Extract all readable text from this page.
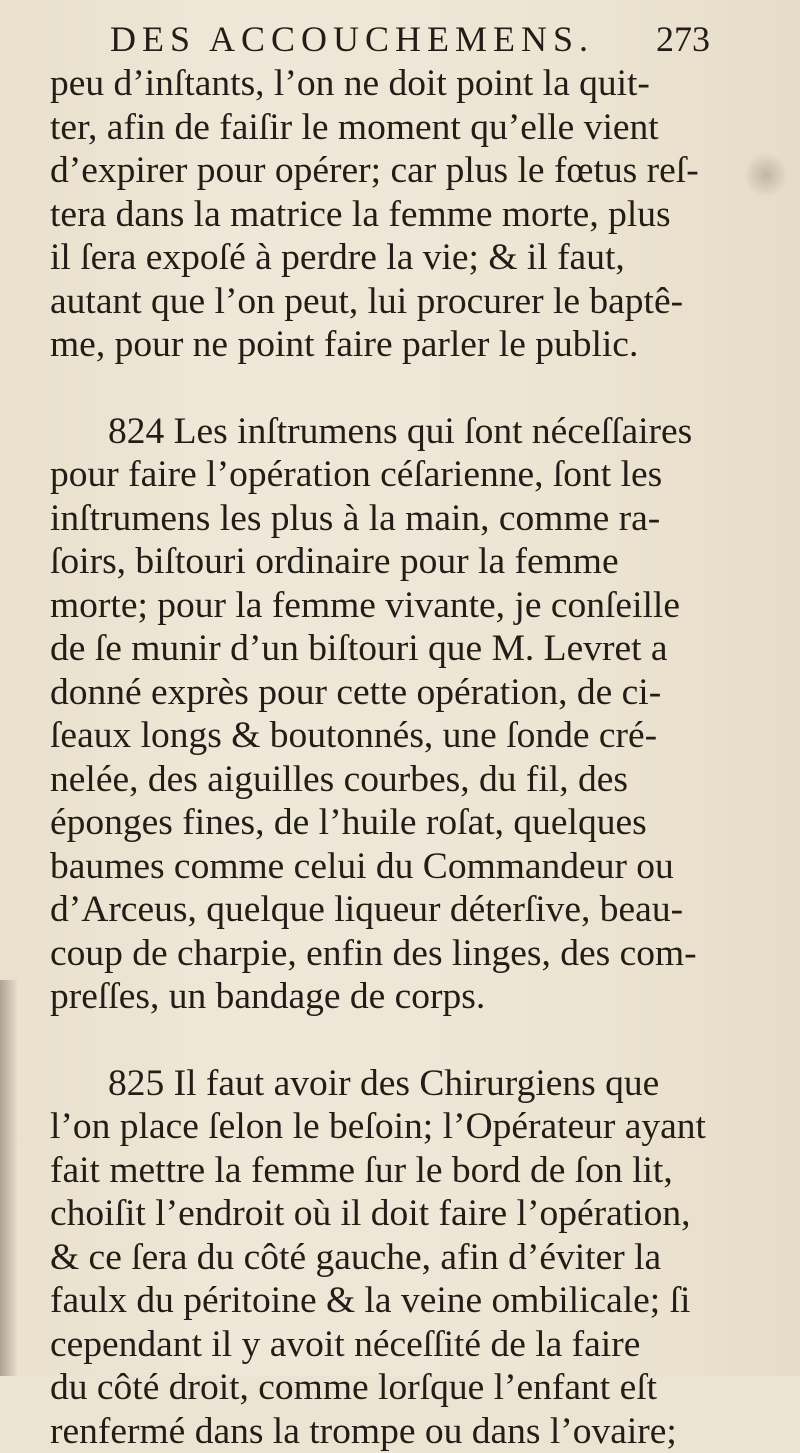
DES ACCOUCHEMENS. 273
peu d’inſtants, l’on ne doit point la quit-
ter, afin de faiſir le moment qu’elle vient
d’expirer pour opérer; car plus le fœtus reſ-
tera dans la matrice la femme morte, plus
il ſera expoſé à perdre la vie; & il faut,
autant que l’on peut, lui procurer le baptê-
me, pour ne point faire parler le public.
824 Les inſtrumens qui ſont néceſſaires
pour faire l’opération céſarienne, ſont les
inſtrumens les plus à la main, comme ra-
ſoirs, biſtouri ordinaire pour la femme
morte; pour la femme vivante, je conſeille
de ſe munir d’un biſtouri que M. Levret a
donné exprès pour cette opération, de ci-
ſeaux longs & boutonnés, une ſonde cré-
nelée, des aiguilles courbes, du fil, des
éponges fines, de l’huile roſat, quelques
baumes comme celui du Commandeur ou
d’Arceus, quelque liqueur déterſive, beau-
coup de charpie, enfin des linges, des com-
preſſes, un bandage de corps.
825 Il faut avoir des Chirurgiens que
l’on place ſelon le beſoin; l’Opérateur ayant
fait mettre la femme ſur le bord de ſon lit,
choiſit l’endroit où il doit faire l’opération,
& ce ſera du côté gauche, afin d’éviter la
faulx du péritoine & la veine ombilicale; ſi
cependant il y avoit néceſſité de la faire
du côté droit, comme lorſque l’enfant eſt
renfermé dans la trompe ou dans l’ovaire;
